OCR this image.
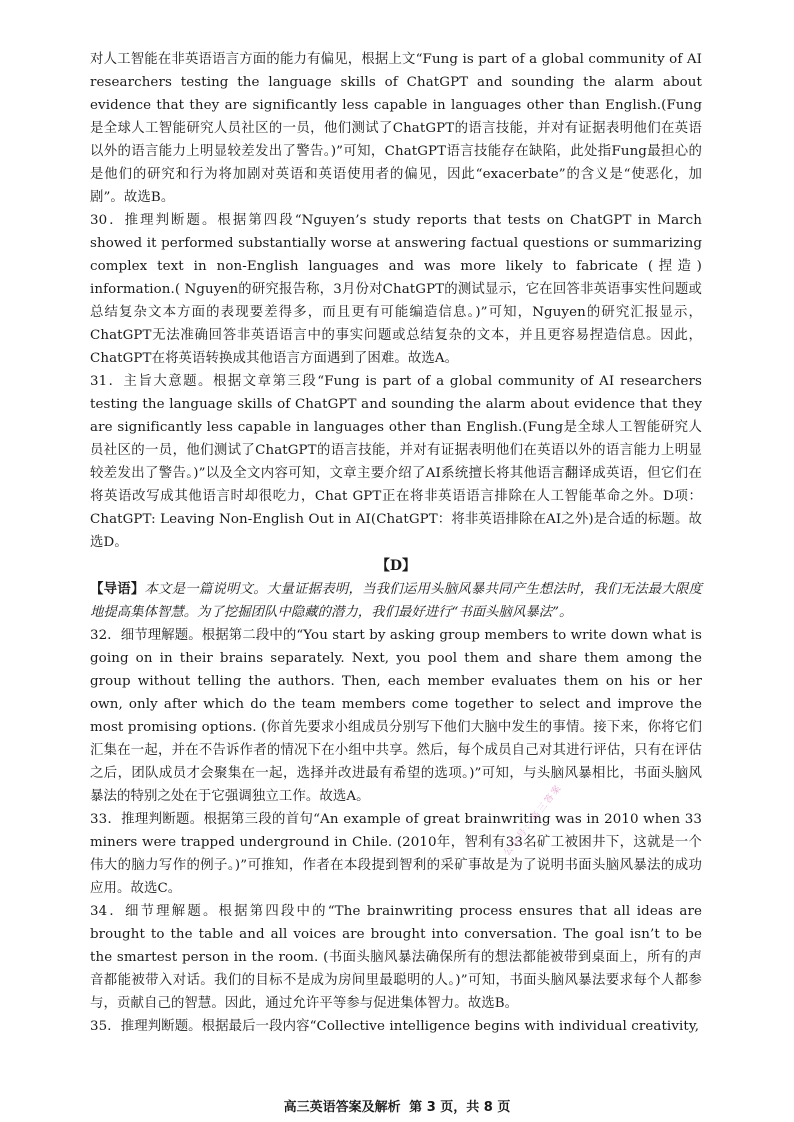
对人工智能在非英语语言方面的能力有偏见，根据上文“Fung is part of a global community of AI researchers testing the language skills of ChatGPT and sounding the alarm about evidence that they are significantly less capable in languages other than English.(Fung是全球人工智能研究人员社区的一员，他们测试了ChatGPT的语言技能，并对有证据表明他们在英语以外的语言能力上明显较差发出了警告。)”可知，ChatGPT语言技能存在缺陷，此处指Fung最担心的是他们的研究和行为将加剧对英语和英语使用者的偏见，因此“exacerbate”的含义是“使恶化，加剧”。故选B。

30．推理判断题。根据第四段“Nguyen’s study reports that tests on ChatGPT in March showed it performed substantially worse at answering factual questions or summarizing complex text in non-English languages and was more likely to fabricate (捏造) information.( Nguyen的研究报告称，3月份对ChatGPT的测试显示，它在回答非英语事实性问题或总结复杂文本方面的表现要差得多，而且更有可能编造信息。)”可知，Nguyen的研究汇报显示，ChatGPT无法准确回答非英语语言中的事实问题或总结复杂的文本，并且更容易捏造信息。因此，ChatGPT在将英语转换成其他语言方面遇到了困难。故选A。

31．主旨大意题。根据文章第三段“Fung is part of a global community of AI researchers testing the language skills of ChatGPT and sounding the alarm about evidence that they are significantly less capable in languages other than English.(Fung是全球人工智能研究人员社区的一员，他们测试了ChatGPT的语言技能，并对有证据表明他们在英语以外的语言能力上明显较差发出了警告。)”以及全文内容可知，文章主要介绍了AI系统擅长将其他语言翻译成英语，但它们在将英语改写成其他语言时却很吃力，Chat GPT正在将非英语语言排除在人工智能革命之外。D项：ChatGPT: Leaving Non-English Out in AI(ChatGPT：将非英语排除在AI之外)是合适的标题。故选D。

【D】

【导语】本文是一篇说明文。大量证据表明，当我们运用头脑风暴共同产生想法时，我们无法最大限度地提高集体智慧。为了挖掘团队中隐藏的潜力，我们最好进行“书面头脑风暴法”。

32．细节理解题。根据第二段中的“You start by asking group members to write down what is going on in their brains separately. Next, you pool them and share them among the group without telling the authors. Then, each member evaluates them on his or her own, only after which do the team members come together to select and improve the most promising options. (你首先要求小组成员分别写下他们大脑中发生的事情。接下来，你将它们汇集在一起，并在不告诉作者的情况下在小组中共享。然后，每个成员自己对其进行评估，只有在评估之后，团队成员才会聚集在一起，选择并改进最有希望的选项。)”可知，与头脑风暴相比，书面头脑风暴法的特别之处在于它强调独立工作。故选A。

33．推理判断题。根据第三段的首句“An example of great brainwriting was in 2010 when 33 miners were trapped underground in Chile. (2010年，智利有33名矿工被困井下，这就是一个伟大的脑力写作的例子。)”可推知，作者在本段提到智利的采矿事故是为了说明书面头脑风暴法的成功应用。故选C。

34．细节理解题。根据第四段中的“The brainwriting process ensures that all ideas are brought to the table and all voices are brought into conversation. The goal isn’t to be the smartest person in the room. (书面头脑风暴法确保所有的想法都能被带到桌面上，所有的声音都能被带入对话。我们的目标不是成为房间里最聪明的人。)”可知，书面头脑风暴法要求每个人都参与，贡献自己的智慧。因此，通过允许平等参与促进集体智力。故选B。

35．推理判断题。根据最后一段内容“Collective intelligence begins with individual creativity,

公众号：高三答案
高三英语答案及解析 第 3 页，共 8 页
